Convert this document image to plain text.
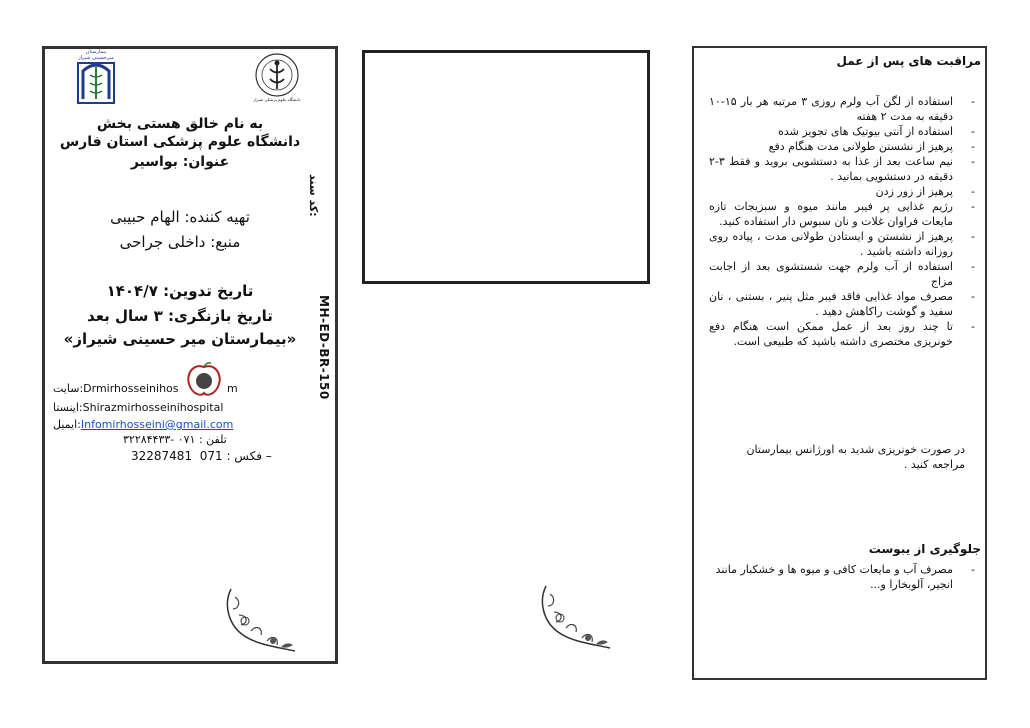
بیمارستان میرحسینی شیراز
دانشگاه علوم پزشکی شیراز
به نام خالق هستی بخش
دانشگاه علوم پزشکی استان فارس
عنوان: بواسیر
تهیه کننده: الهام حبیبی
منبع: داخلی جراحی
تاریخ تدوین: ۱۴۰۴/۷
تاریخ بازنگری: ۳ سال بعد
«بیمارستان میر حسینی شیراز»
کد سند:
MH-ED-BR-150
سایت:Drmirhosseinihos	m
اینستا:Shirazmirhosseinihospital
ایمیل:Infomirhosseini@gmail.com
تلفن : ۰۷۱ -۳۲۲۸۴۴۳۳
32287481 فکس : 071 –
مراقبت های پس از عمل
-
استفاده از لگن آب ولرم روزی ۳ مرتبه هر بار ۱۵-۱۰ دقیقه به مدت ۲ هفته
-
استفاده از آنتی بیوتیک های تجویز شده
-
پرهیز از نشستن طولانی مدت هنگام دفع
-
نیم ساعت بعد از غذا به دستشویی بروید و فقط ۳-۲ دقیقه در دستشویی بمانید .
-
پرهیز از زور زدن
-
رژیم غذایی پر فیبر مانند میوه و سبزیجات تازه مایعات فراوان غلات و نان سبوس دار استفاده کنید.
-
پرهیز از نشستن و ایستادن طولانی مدت ، پیاده روی روزانه داشته باشید .
-
استفاده از آب ولرم جهت شستشوی بعد از اجابت مزاج
-
مصرف مواد غذایی فاقد فیبر مثل پنیر ، بستنی ، نان سفید و گوشت راکاهش دهید .
-
تا چند روز بعد از عمل ممکن است هنگام دفع خونریزی مختصری داشته باشید که طبیعی است.
در صورت خونریزی شدید به اورژانس بیمارستان مراجعه کنید .
جلوگیری از یبوست
-
مصرف آب و مایعات کافی و میوه ها و خشکبار مانند انجیر، آلوبخارا و...
